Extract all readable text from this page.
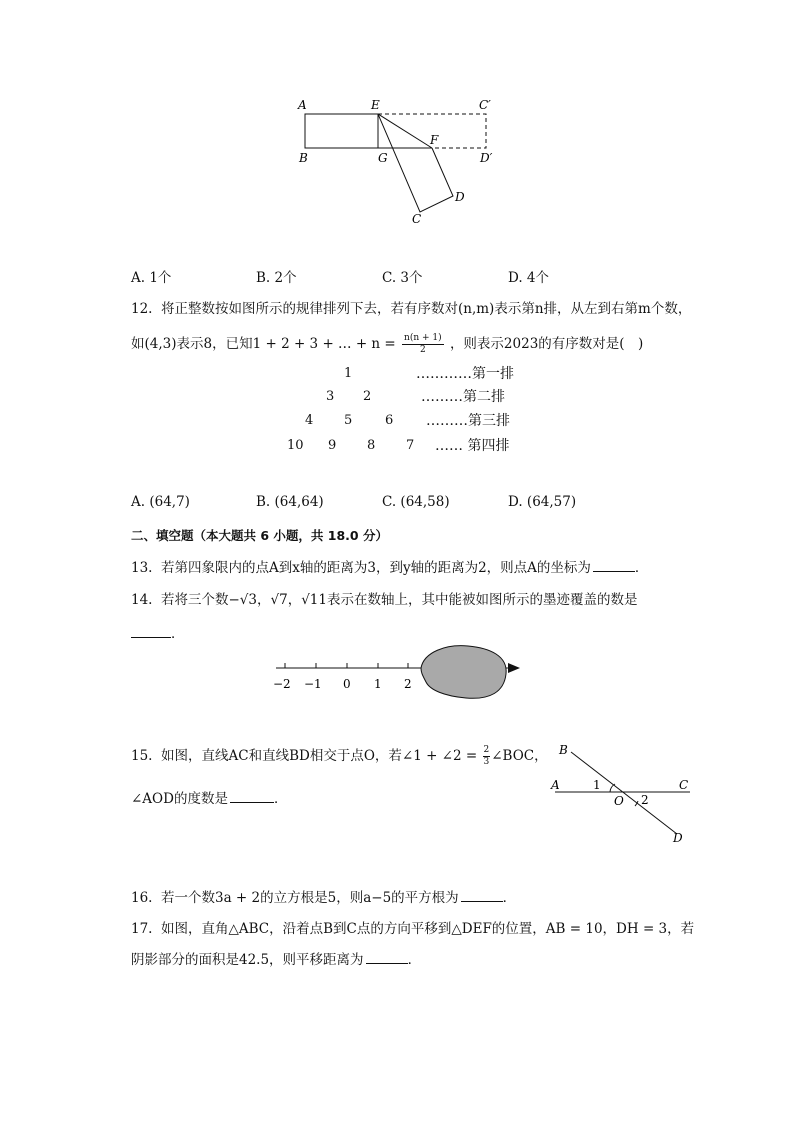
A	E	C′
B	G
F
D′
D
C
A. 1个	B. 2个	C. 3个	D. 4个
12. 将正整数按如图所示的规律排列下去，若有序数对(n,m)表示第n排，从左到右第m个数，
如(4,3)表示8，已知1 + 2 + 3 + … + $n = \frac{n(n + 1)}{2}$ ，则表示2023的有序数对是(　)
1	…………第一排
3 2	………第二排
4 5	6 ………第三排
10 9 8 7 …… 第四排
A. (64,7)	B. (64,64)	C. (64,58)	D. (64,57)
二、填空题（本大题共 6 小题，共 18.0 分）
13. 若第四象限内的点A到x轴的距离为3，到y轴的距离为2，则点A的坐标为	．
14. 若将三个数−√3，√7，√11表示在数轴上，其中能被如图所示的墨迹覆盖的数是
．
−2 −1 0 1 2
15. 如图，直线AC和直线BD相交于点O，若∠1 + ∠2 = $\frac{2}{3}$ ∠BOC，
∠AOD的度数是	．
B
A	C
1
O 2
D
16. 若一个数3a + 2的立方根是5，则a−5的平方根为	．
17. 如图，直角△ABC，沿着点B到C点的方向平移到△DEF的位置，AB = 10，DH = 3，若
阴影部分的面积是42.5，则平移距离为	．
